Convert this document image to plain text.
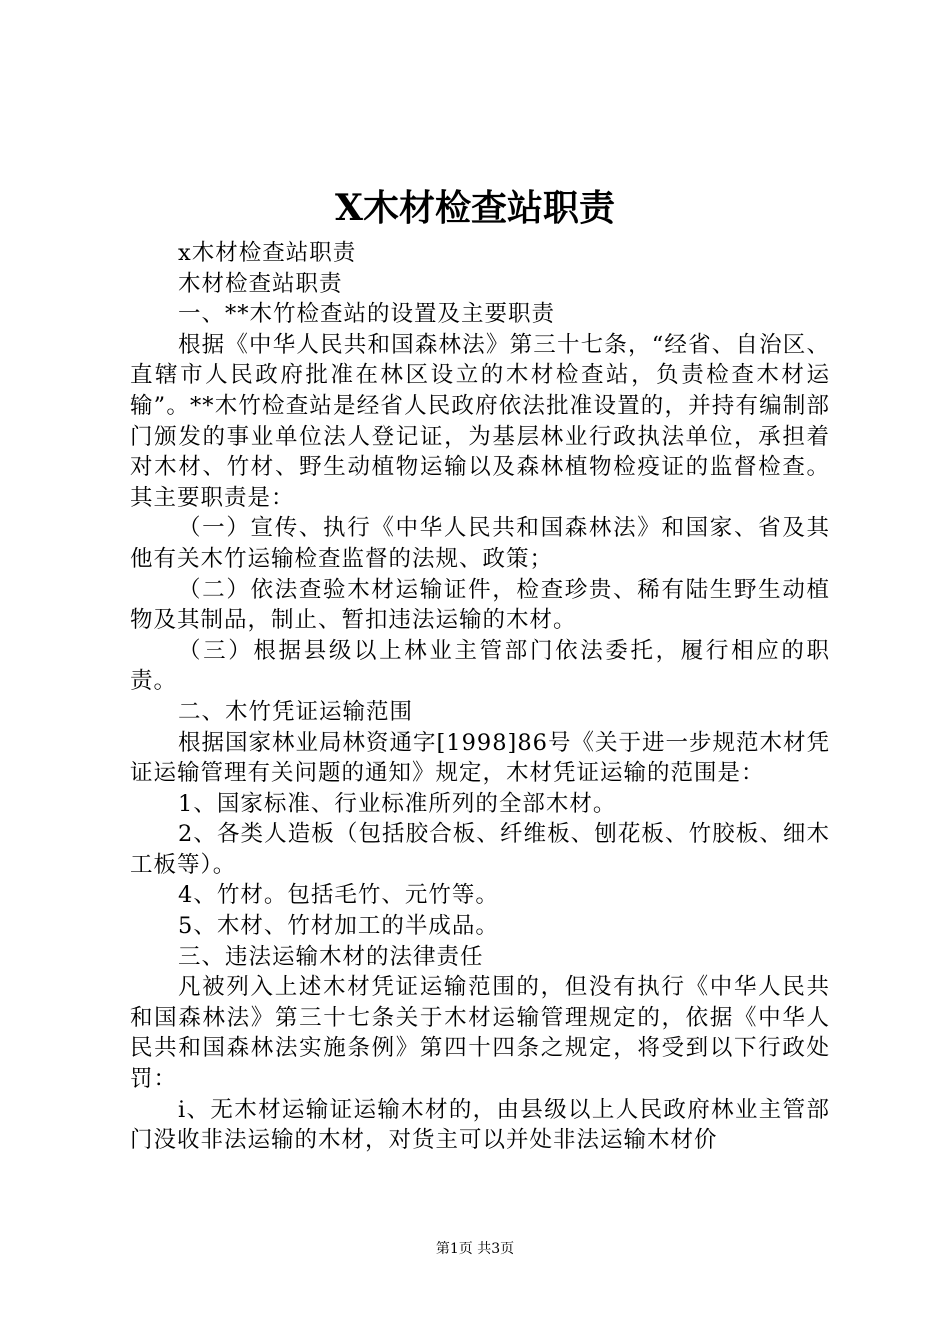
X木材检查站职责

x木材检查站职责

木材检查站职责

一、**木竹检查站的设置及主要职责

根据《中华人民共和国森林法》第三十七条，“经省、自治区、直辖市人民政府批准在林区设立的木材检查站，负责检查木材运输”。**木竹检查站是经省人民政府依法批准设置的，并持有编制部门颁发的事业单位法人登记证，为基层林业行政执法单位，承担着对木材、竹材、野生动植物运输以及森林植物检疫证的监督检查。其主要职责是：

（一）宣传、执行《中华人民共和国森林法》和国家、省及其他有关木竹运输检查监督的法规、政策；

（二）依法查验木材运输证件，检查珍贵、稀有陆生野生动植物及其制品，制止、暂扣违法运输的木材。

（三）根据县级以上林业主管部门依法委托，履行相应的职责。

二、木竹凭证运输范围

根据国家林业局林资通字[1998]86号《关于进一步规范木材凭证运输管理有关问题的通知》规定，木材凭证运输的范围是：

1、国家标准、行业标准所列的全部木材。

2、各类人造板（包括胶合板、纤维板、刨花板、竹胶板、细木工板等）。

4、竹材。包括毛竹、元竹等。

5、木材、竹材加工的半成品。

三、违法运输木材的法律责任

凡被列入上述木材凭证运输范围的，但没有执行《中华人民共和国森林法》第三十七条关于木材运输管理规定的，依据《中华人民共和国森林法实施条例》第四十四条之规定，将受到以下行政处罚：

i、无木材运输证运输木材的，由县级以上人民政府林业主管部门没收非法运输的木材，对货主可以并处非法运输木材价

第1页 共3页
